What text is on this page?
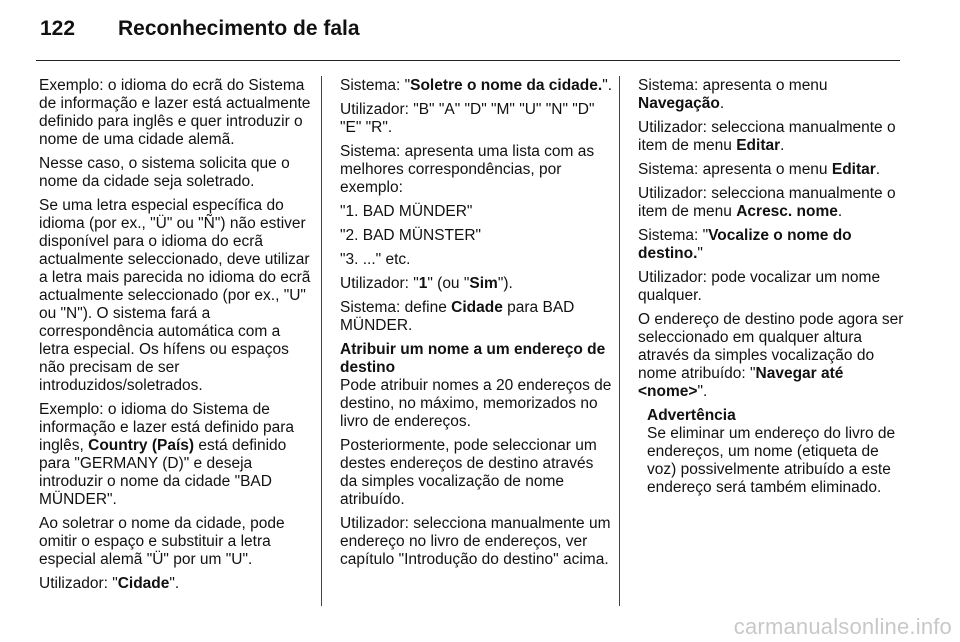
122 Reconhecimento de fala

Exemplo: o idioma do ecrã do Sistema de informação e lazer está actualmente definido para inglês e quer introduzir o nome de uma cidade alemã.

Nesse caso, o sistema solicita que o nome da cidade seja soletrado.

Se uma letra especial específica do idioma (por ex., "Ü" ou "Ñ") não estiver disponível para o idioma do ecrã actualmente seleccionado, deve utilizar a letra mais parecida no idioma do ecrã actualmente seleccionado (por ex., "U" ou "N"). O sistema fará a correspondência automática com a letra especial. Os hífens ou espaços não precisam de ser introduzidos/soletrados.

Exemplo: o idioma do Sistema de informação e lazer está definido para inglês, Country (País) está definido para "GERMANY (D)" e deseja introduzir o nome da cidade "BAD MÜNDER".

Ao soletrar o nome da cidade, pode omitir o espaço e substituir a letra especial alemã "Ü" por um "U".

Utilizador: "Cidade".

Sistema: "Soletre o nome da cidade.".

Utilizador: "B" "A" "D" "M" "U" "N" "D" "E" "R".

Sistema: apresenta uma lista com as melhores correspondências, por exemplo:

"1. BAD MÜNDER"

"2. BAD MÜNSTER"

"3. ..." etc.

Utilizador: "1" (ou "Sim").

Sistema: define Cidade para BAD MÜNDER.

Atribuir um nome a um endereço de destino

Pode atribuir nomes a 20 endereços de destino, no máximo, memorizados no livro de endereços.

Posteriormente, pode seleccionar um destes endereços de destino através da simples vocalização de nome atribuído.

Utilizador: selecciona manualmente um endereço no livro de endereços, ver capítulo "Introdução do destino" acima.

Sistema: apresenta o menu Navegação.

Utilizador: selecciona manualmente o item de menu Editar.

Sistema: apresenta o menu Editar.

Utilizador: selecciona manualmente o item de menu Acresc. nome.

Sistema: "Vocalize o nome do destino."

Utilizador: pode vocalizar um nome qualquer.

O endereço de destino pode agora ser seleccionado em qualquer altura através da simples vocalização do nome atribuído: "Navegar até <nome>".

Advertência

Se eliminar um endereço do livro de endereços, um nome (etiqueta de voz) possivelmente atribuído a este endereço será também eliminado.

carmanualsonline.info
